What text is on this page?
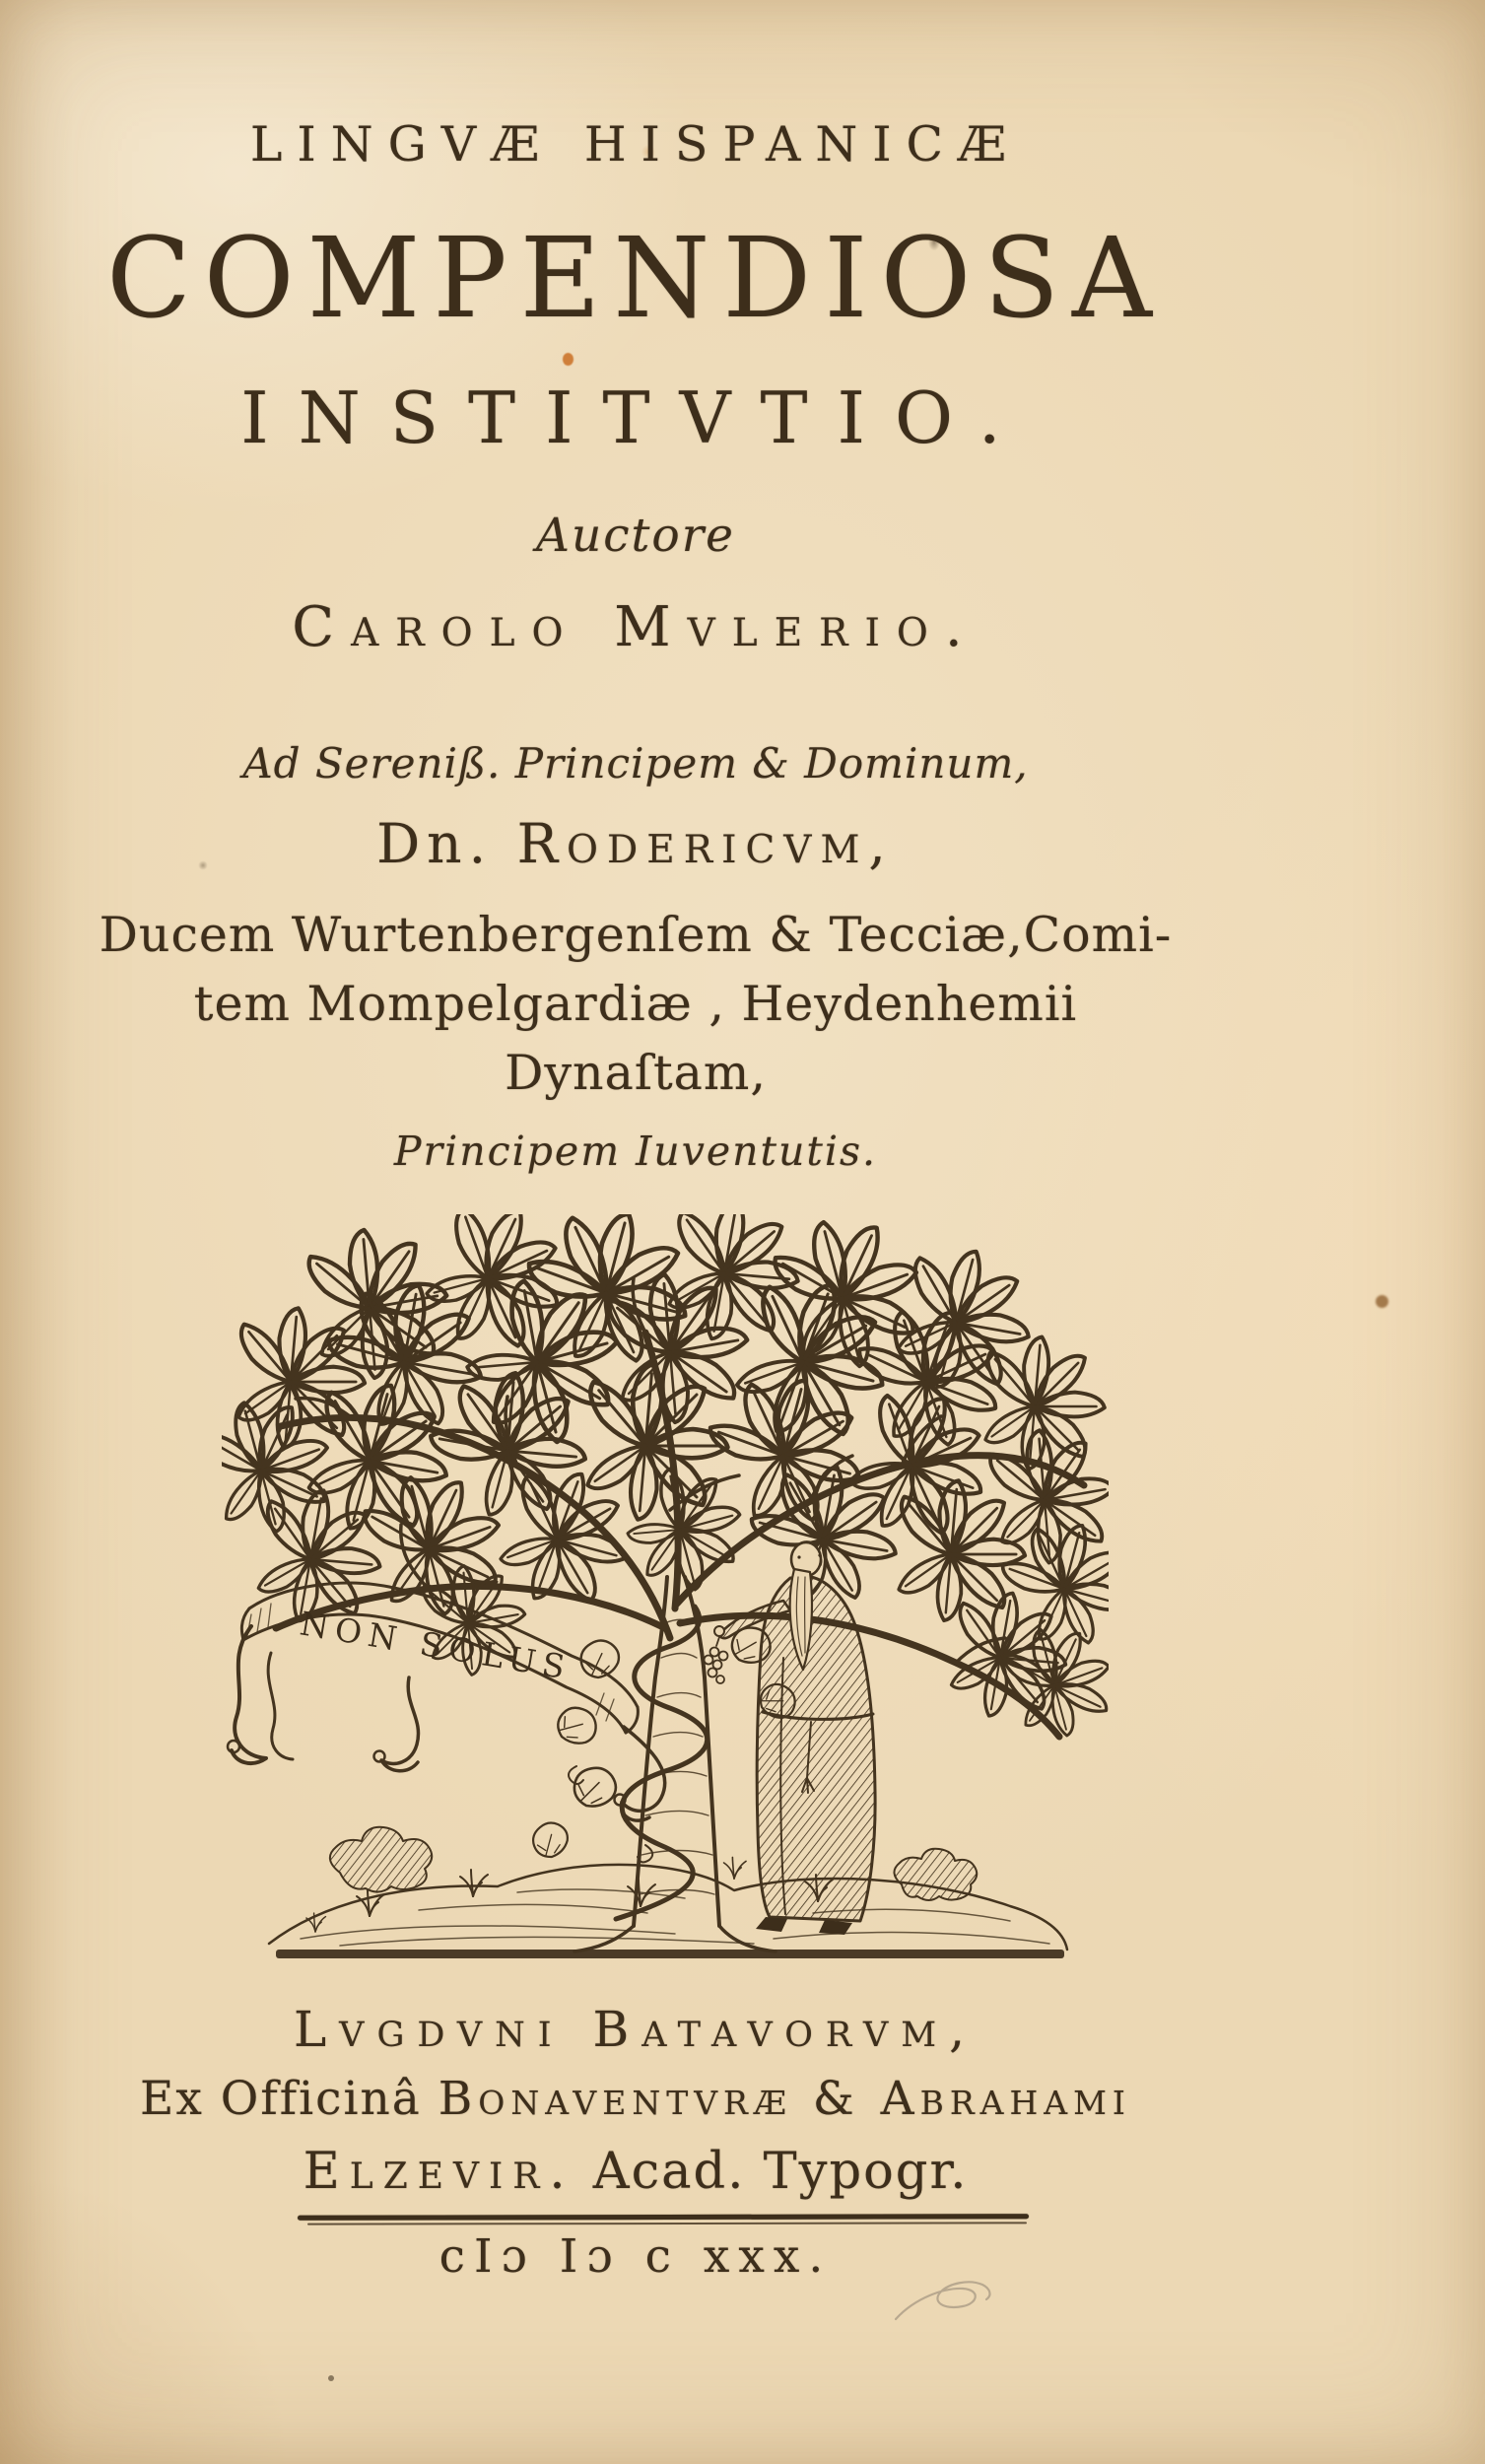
LINGVÆ HISPANICÆ
COMPENDIOSA
INSTITVTIO.
Auctore
Carolo Mvlerio.
Ad Sereniß. Principem & Dominum,
Dn. Rodericvm,
Ducem Wurtenbergenſem & Tecciæ,Comi-
tem Mompelgardiæ , Heydenhemii
Dynaſtam,
Principem Iuventutis.
NON SOLUS
Lvgdvni Batavorvm,
Ex Officinâ Bonaventvræ & Abrahami
Elzevir. Acad. Typogr.
cIɔ Iɔ c xxx.
